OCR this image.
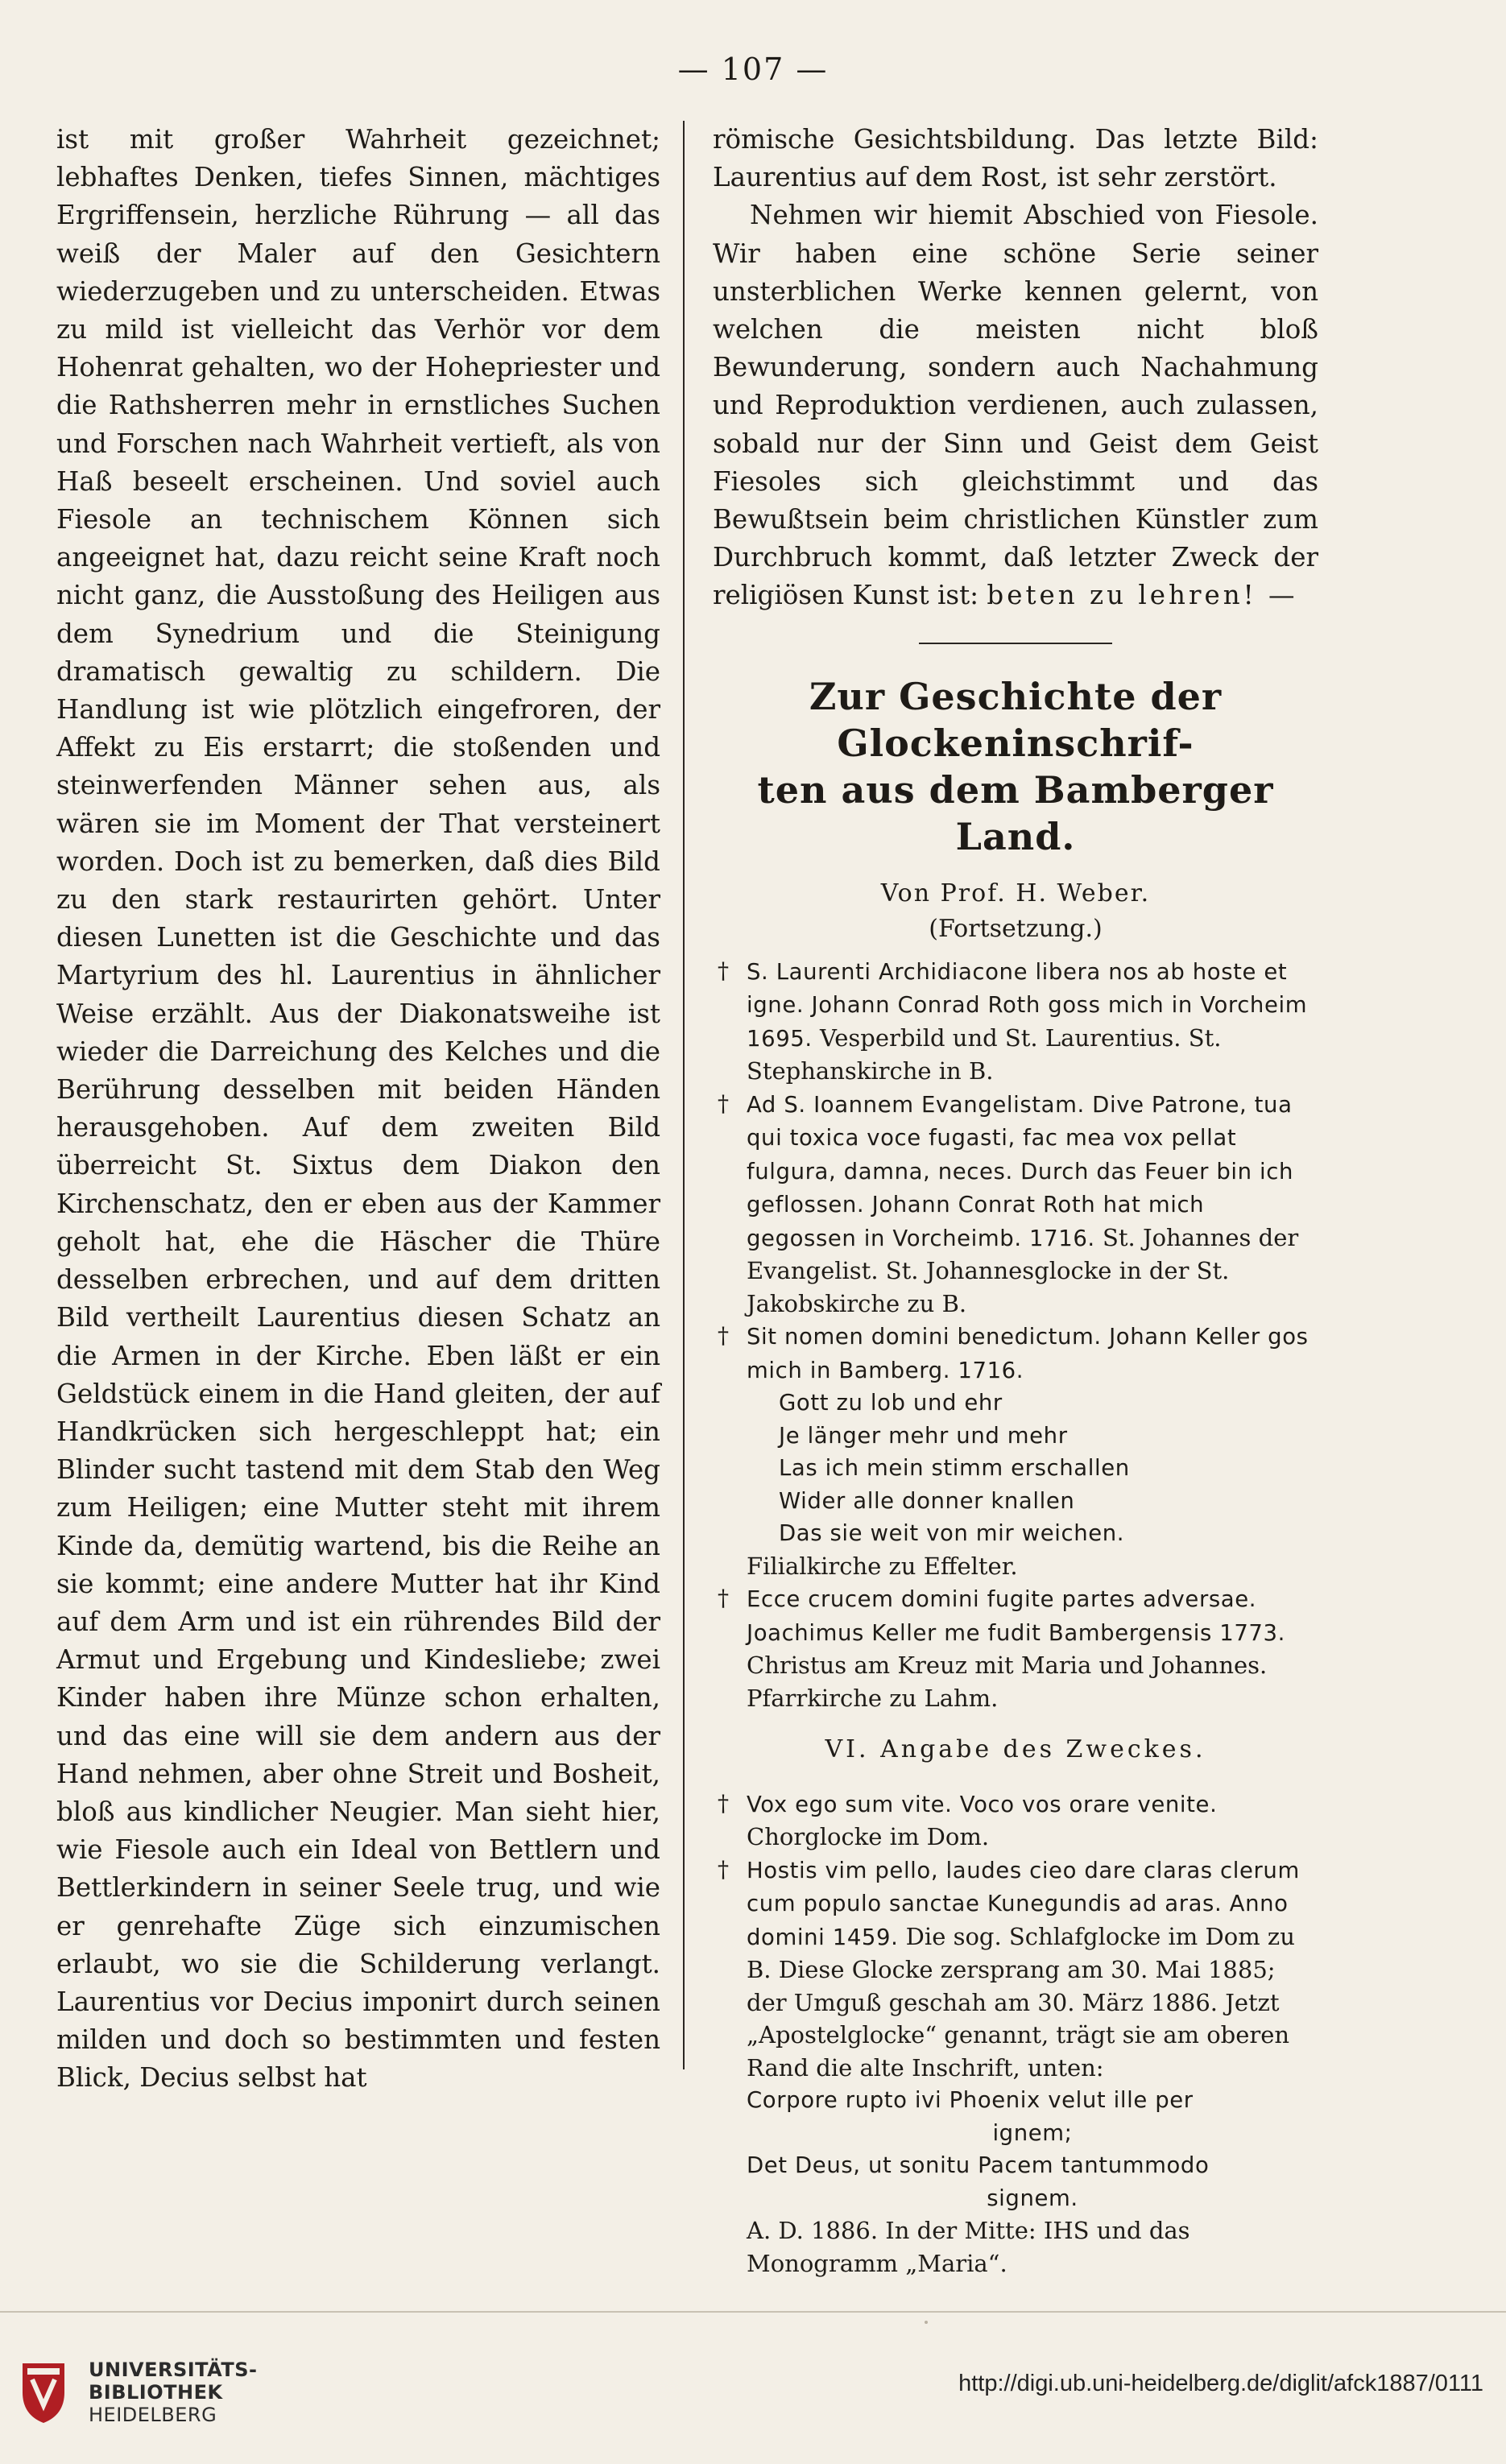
— 107 —

ist mit großer Wahrheit gezeichnet; lebhaftes Denken, tiefes Sinnen, mächtiges Ergriffensein, herzliche Rührung — all das weiß der Maler auf den Gesichtern wiederzugeben und zu unterscheiden. Etwas zu mild ist vielleicht das Verhör vor dem Hohenrat gehalten, wo der Hohepriester und die Rathsherren mehr in ernstliches Suchen und Forschen nach Wahrheit vertieft, als von Haß beseelt erscheinen. Und soviel auch Fiesole an technischem Können sich angeeignet hat, dazu reicht seine Kraft noch nicht ganz, die Ausstoßung des Heiligen aus dem Synedrium und die Steinigung dramatisch gewaltig zu schildern. Die Handlung ist wie plötzlich eingefroren, der Affekt zu Eis erstarrt; die stoßenden und steinwerfenden Männer sehen aus, als wären sie im Moment der That versteinert worden. Doch ist zu bemerken, daß dies Bild zu den stark restaurirten gehört. Unter diesen Lunetten ist die Geschichte und das Martyrium des hl. Laurentius in ähnlicher Weise erzählt. Aus der Diakonatsweihe ist wieder die Darreichung des Kelches und die Berührung desselben mit beiden Händen herausgehoben. Auf dem zweiten Bild überreicht St. Sixtus dem Diakon den Kirchenschatz, den er eben aus der Kammer geholt hat, ehe die Häscher die Thüre desselben erbrechen, und auf dem dritten Bild vertheilt Laurentius diesen Schatz an die Armen in der Kirche. Eben läßt er ein Geldstück einem in die Hand gleiten, der auf Handkrücken sich hergeschleppt hat; ein Blinder sucht tastend mit dem Stab den Weg zum Heiligen; eine Mutter steht mit ihrem Kinde da, demütig wartend, bis die Reihe an sie kommt; eine andere Mutter hat ihr Kind auf dem Arm und ist ein rührendes Bild der Armut und Ergebung und Kindesliebe; zwei Kinder haben ihre Münze schon erhalten, und das eine will sie dem andern aus der Hand nehmen, aber ohne Streit und Bosheit, bloß aus kindlicher Neugier. Man sieht hier, wie Fiesole auch ein Ideal von Bettlern und Bettlerkindern in seiner Seele trug, und wie er genrehafte Züge sich einzumischen erlaubt, wo sie die Schilderung verlangt. Laurentius vor Decius imponirt durch seinen milden und doch so bestimmten und festen Blick, Decius selbst hat

römische Gesichtsbildung. Das letzte Bild: Laurentius auf dem Rost, ist sehr zerstört.

Nehmen wir hiemit Abschied von Fiesole. Wir haben eine schöne Serie seiner unsterblichen Werke kennen gelernt, von welchen die meisten nicht bloß Bewunderung, sondern auch Nachahmung und Reproduktion verdienen, auch zulassen, sobald nur der Sinn und Geist dem Geist Fiesoles sich gleichstimmt und das Bewußtsein beim christlichen Künstler zum Durchbruch kommt, daß letzter Zweck der religiösen Kunst ist: beten zu lehren! —

Zur Geschichte der Glockeninschrif-
ten aus dem Bamberger Land.

Von Prof. H. Weber.

(Fortsetzung.)

† S. Laurenti Archidiacone libera nos ab hoste et igne. Johann Conrad Roth goss mich in Vorcheim 1695. Vesperbild und St. Laurentius. St. Stephanskirche in B.

† Ad S. Ioannem Evangelistam. Dive Patrone, tua qui toxica voce fugasti, fac mea vox pellat fulgura, damna, neces. Durch das Feuer bin ich geflossen. Johann Conrat Roth hat mich gegossen in Vorcheimb. 1716. St. Johannes der Evangelist. St. Johannesglocke in der St. Jakobskirche zu B.

† Sit nomen domini benedictum. Johann Keller gos mich in Bamberg. 1716.

Gott zu lob und ehr
Je länger mehr und mehr
Las ich mein stimm erschallen
Wider alle donner knallen
Das sie weit von mir weichen.

Filialkirche zu Effelter.

† Ecce crucem domini fugite partes adversae. Joachimus Keller me fudit Bambergensis 1773. Christus am Kreuz mit Maria und Johannes. Pfarrkirche zu Lahm.

VI. Angabe des Zweckes.

† Vox ego sum vite. Voco vos orare venite. Chorglocke im Dom.

† Hostis vim pello, laudes cieo dare claras clerum cum populo sanctae Kunegundis ad aras. Anno domini 1459. Die sog. Schlafglocke im Dom zu B. Diese Glocke zersprang am 30. Mai 1885; der Umguß geschah am 30. März 1886. Jetzt „Apostelglocke“ genannt, trägt sie am oberen Rand die alte Inschrift, unten:

Corpore rupto ivi Phoenix velut ille per
ignem;
Det Deus, ut sonitu Pacem tantummodo
signem.

A. D. 1886. In der Mitte: IHS und das Monogramm „Maria“.

UNIVERSITÄTS-
BIBLIOTHEK
HEIDELBERG
http://digi.ub.uni-heidelberg.de/diglit/afck1887/0111
